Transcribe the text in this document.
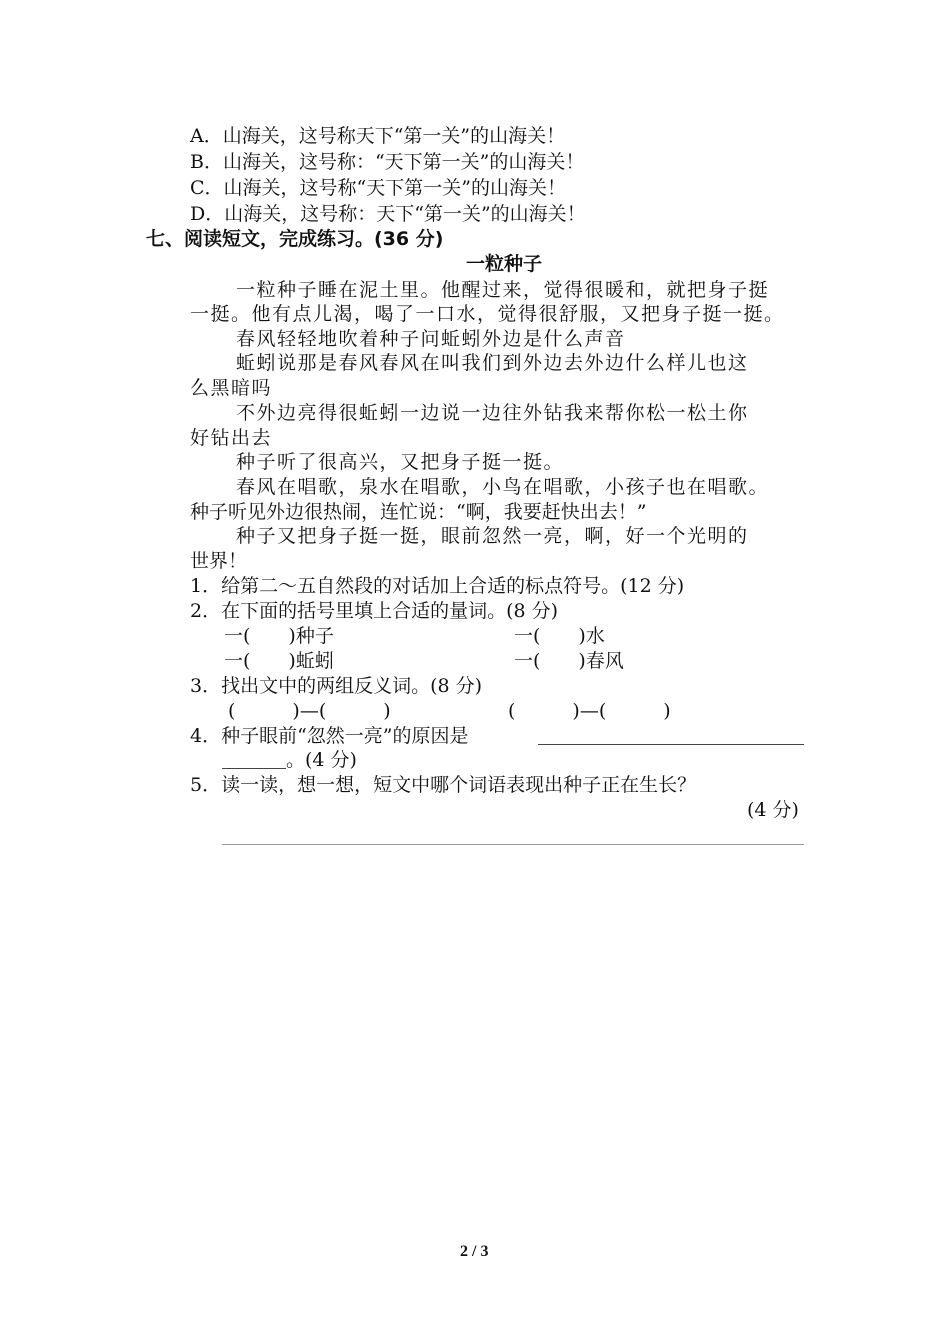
A．山海关，这号称天下“第一关”的山海关！
B．山海关，这号称：“天下第一关”的山海关！
C．山海关，这号称“天下第一关”的山海关！
D．山海关，这号称：天下“第一关”的山海关！
七、阅读短文，完成练习。(36 分)
一粒种子
一粒种子睡在泥土里。他醒过来，觉得很暖和，就把身子挺
一挺。他有点儿渴，喝了一口水，觉得很舒服，又把身子挺一挺。
春风轻轻地吹着种子问蚯蚓外边是什么声音
蚯蚓说那是春风春风在叫我们到外边去外边什么样儿也这
么黑暗吗
不外边亮得很蚯蚓一边说一边往外钻我来帮你松一松土你
好钻出去
种子听了很高兴，又把身子挺一挺。
春风在唱歌，泉水在唱歌，小鸟在唱歌，小孩子也在唱歌。
种子听见外边很热闹，连忙说：“啊，我要赶快出去！”
种子又把身子挺一挺，眼前忽然一亮，啊，好一个光明的
世界！
1．给第二～五自然段的对话加上合适的标点符号。(12 分)
2．在下面的括号里填上合适的量词。(8 分)
一(　　)种子	一(　　)水
一(　　)蚯蚓	一(　　)春风
3．找出文中的两组反义词。(8 分)
(　　　)—(　　　)	(　　　)—(　　　)
4．种子眼前“忽然一亮”的原因是
。(4 分)
5．读一读，想一想，短文中哪个词语表现出种子正在生长？
(4 分)
2 / 3
